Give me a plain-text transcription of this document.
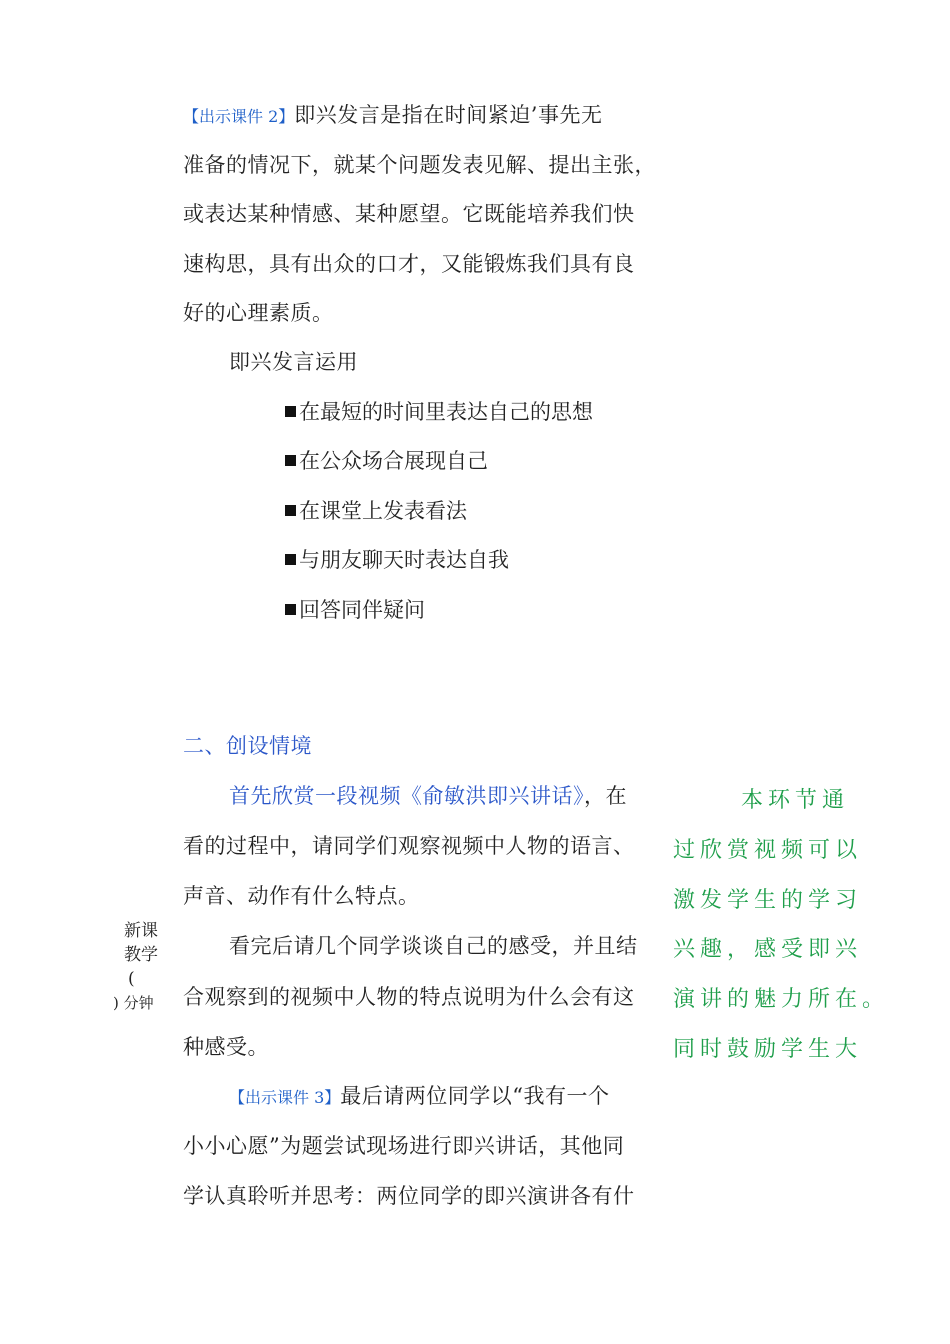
【出示课件 2】即兴发言是指在时间紧迫’事先无
准备的情况下，就某个问题发表见解、提出主张，
或表达某种情感、某种愿望。它既能培养我们快
速构思，具有出众的口才，又能锻炼我们具有良
好的心理素质。
即兴发言运用
在最短的时间里表达自己的思想
在公众场合展现自己
在课堂上发表看法
与朋友聊天时表达自我
回答同伴疑问
二、创设情境
首先欣赏一段视频《俞敏洪即兴讲话》，在
看的过程中，请同学们观察视频中人物的语言、
声音、动作有什么特点。
看完后请几个同学谈谈自己的感受，并且结
合观察到的视频中人物的特点说明为什么会有这
种感受。
【出示课件 3】最后请两位同学以“我有一个
小小心愿”为题尝试现场进行即兴讲话，其他同
学认真聆听并思考：两位同学的即兴演讲各有什
新课
教学
(
) 分钟
本环节通
过欣赏视频可以
激发学生的学习
兴趣，感受即兴
演讲的魅力所在。
同时鼓励学生大
